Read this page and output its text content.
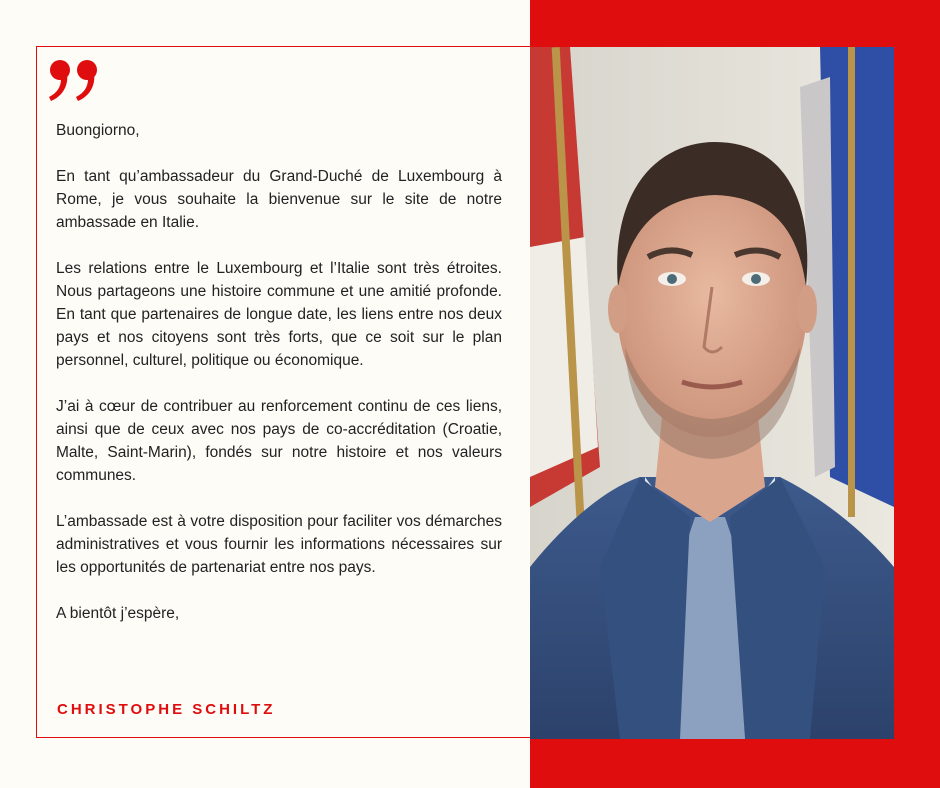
Buongiorno,

En tant qu’ambassadeur du Grand-Duché de Luxembourg à Rome, je vous souhaite la bienvenue sur le site de notre ambassade en Italie.

Les relations entre le Luxembourg et l’Italie sont très étroites. Nous partageons une histoire commune et une amitié profonde. En tant que partenaires de longue date, les liens entre nos deux pays et nos citoyens sont très forts, que ce soit sur le plan personnel, culturel, politique ou économique.

J’ai à cœur de contribuer au renforcement continu de ces liens, ainsi que de ceux avec nos pays de co-accréditation (Croatie, Malte, Saint-Marin), fondés sur notre histoire et nos valeurs communes.

L’ambassade est à votre disposition pour faciliter vos démarches administratives et vous fournir les informations nécessaires sur les opportunités de partenariat entre nos pays.

A bientôt j’espère,

CHRISTOPHE SCHILTZ
